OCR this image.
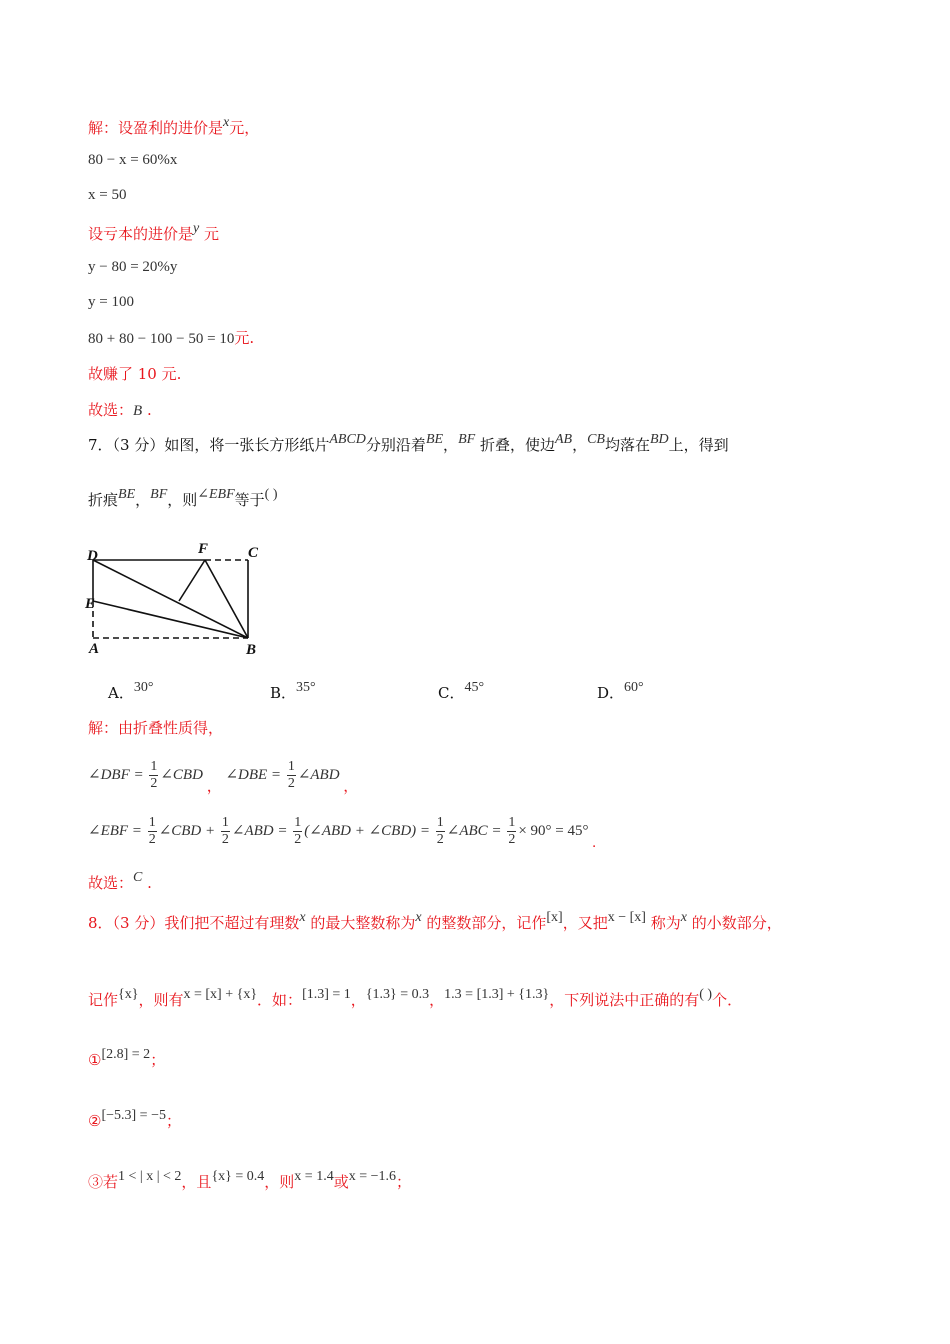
解：设盈利的进价是x元，
80 − x = 60%x
x = 50
设亏本的进价是y 元
y − 80 = 20%y
y = 100
80 + 80 − 100 − 50 = 10元.
故赚了 10 元.
故选：B .
7．（3 分）如图，将一张长方形纸片ABCD分别沿着BE，BF 折叠，使边AB，CB均落在BD上，得到
折痕BE，BF，则∠EBF等于( )
D	F	C
E
A	B
A．30°	B．35°	C．45°	D．60°
解：由折叠性质得，
∠DBF = $\frac{1}{2}$ ∠CBD ， ∠DBE = $\frac{1}{2}$ ∠ABD ，
∠EBF = $\frac{1}{2}$ ∠CBD + $\frac{1}{2}$ ∠ABD = $\frac{1}{2}$ (∠ABD + ∠CBD) = $\frac{1}{2}$ ∠ABC = $\frac{1}{2} \times 90^\circ = 45^\circ$ .
故选：C .
8．（3 分）我们把不超过有理数x 的最大整数称为x 的整数部分，记作[x]，又把x − [x] 称为x 的小数部分，
记作{x}，则有x = [x] + {x}．如：[1.3] = 1，{1.3} = 0.3，1.3 = [1.3] + {1.3}，下列说法中正确的有( )个．
①[2.8] = 2；
②[−5.3] = −5；
③若1 < | x | < 2，且{x} = 0.4，则x = 1.4或x = −1.6；
